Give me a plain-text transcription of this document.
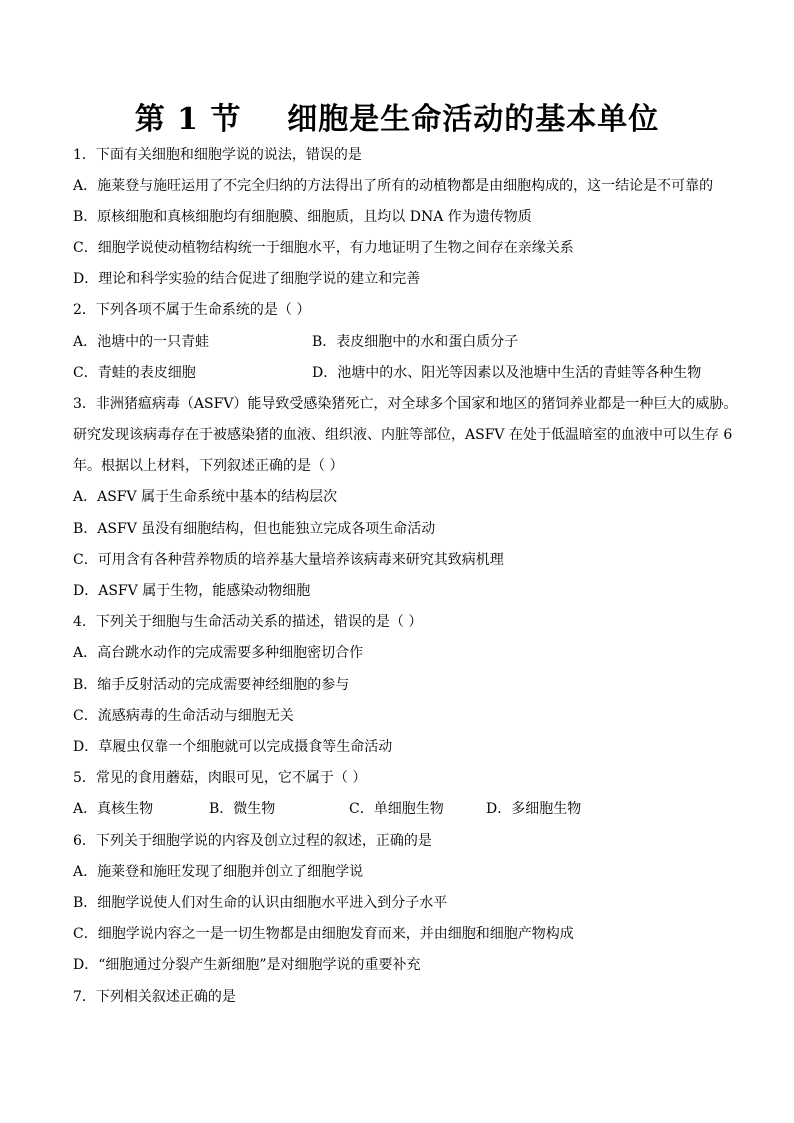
第 1 节    细胞是生命活动的基本单位
1．下面有关细胞和细胞学说的说法，错误的是
A．施莱登与施旺运用了不完全归纳的方法得出了所有的动植物都是由细胞构成的，这一结论是不可靠的
B．原核细胞和真核细胞均有细胞膜、细胞质，且均以 DNA 作为遗传物质
C．细胞学说使动植物结构统一于细胞水平，有力地证明了生物之间存在亲缘关系
D．理论和科学实验的结合促进了细胞学说的建立和完善
2．下列各项不属于生命系统的是（ ）
A．池塘中的一只青蛙	B．表皮细胞中的水和蛋白质分子
C．青蛙的表皮细胞	D．池塘中的水、阳光等因素以及池塘中生活的青蛙等各种生物
3．非洲猪瘟病毒（ASFV）能导致受感染猪死亡，对全球多个国家和地区的猪饲养业都是一种巨大的威胁。
研究发现该病毒存在于被感染猪的血液、组织液、内脏等部位，ASFV 在处于低温暗室的血液中可以生存 6
年。根据以上材料，下列叙述正确的是（ ）
A．ASFV 属于生命系统中基本的结构层次
B．ASFV 虽没有细胞结构，但也能独立完成各项生命活动
C．可用含有各种营养物质的培养基大量培养该病毒来研究其致病机理
D．ASFV 属于生物，能感染动物细胞
4．下列关于细胞与生命活动关系的描述，错误的是（ ）
A．高台跳水动作的完成需要多种细胞密切合作
B．缩手反射活动的完成需要神经细胞的参与
C．流感病毒的生命活动与细胞无关
D．草履虫仅靠一个细胞就可以完成摄食等生命活动
5．常见的食用蘑菇，肉眼可见，它不属于（ ）
A．真核生物	B．微生物	C．单细胞生物	D．多细胞生物
6．下列关于细胞学说的内容及创立过程的叙述，正确的是
A．施莱登和施旺发现了细胞并创立了细胞学说
B．细胞学说使人们对生命的认识由细胞水平进入到分子水平
C．细胞学说内容之一是一切生物都是由细胞发育而来，并由细胞和细胞产物构成
D．“细胞通过分裂产生新细胞”是对细胞学说的重要补充
7．下列相关叙述正确的是
